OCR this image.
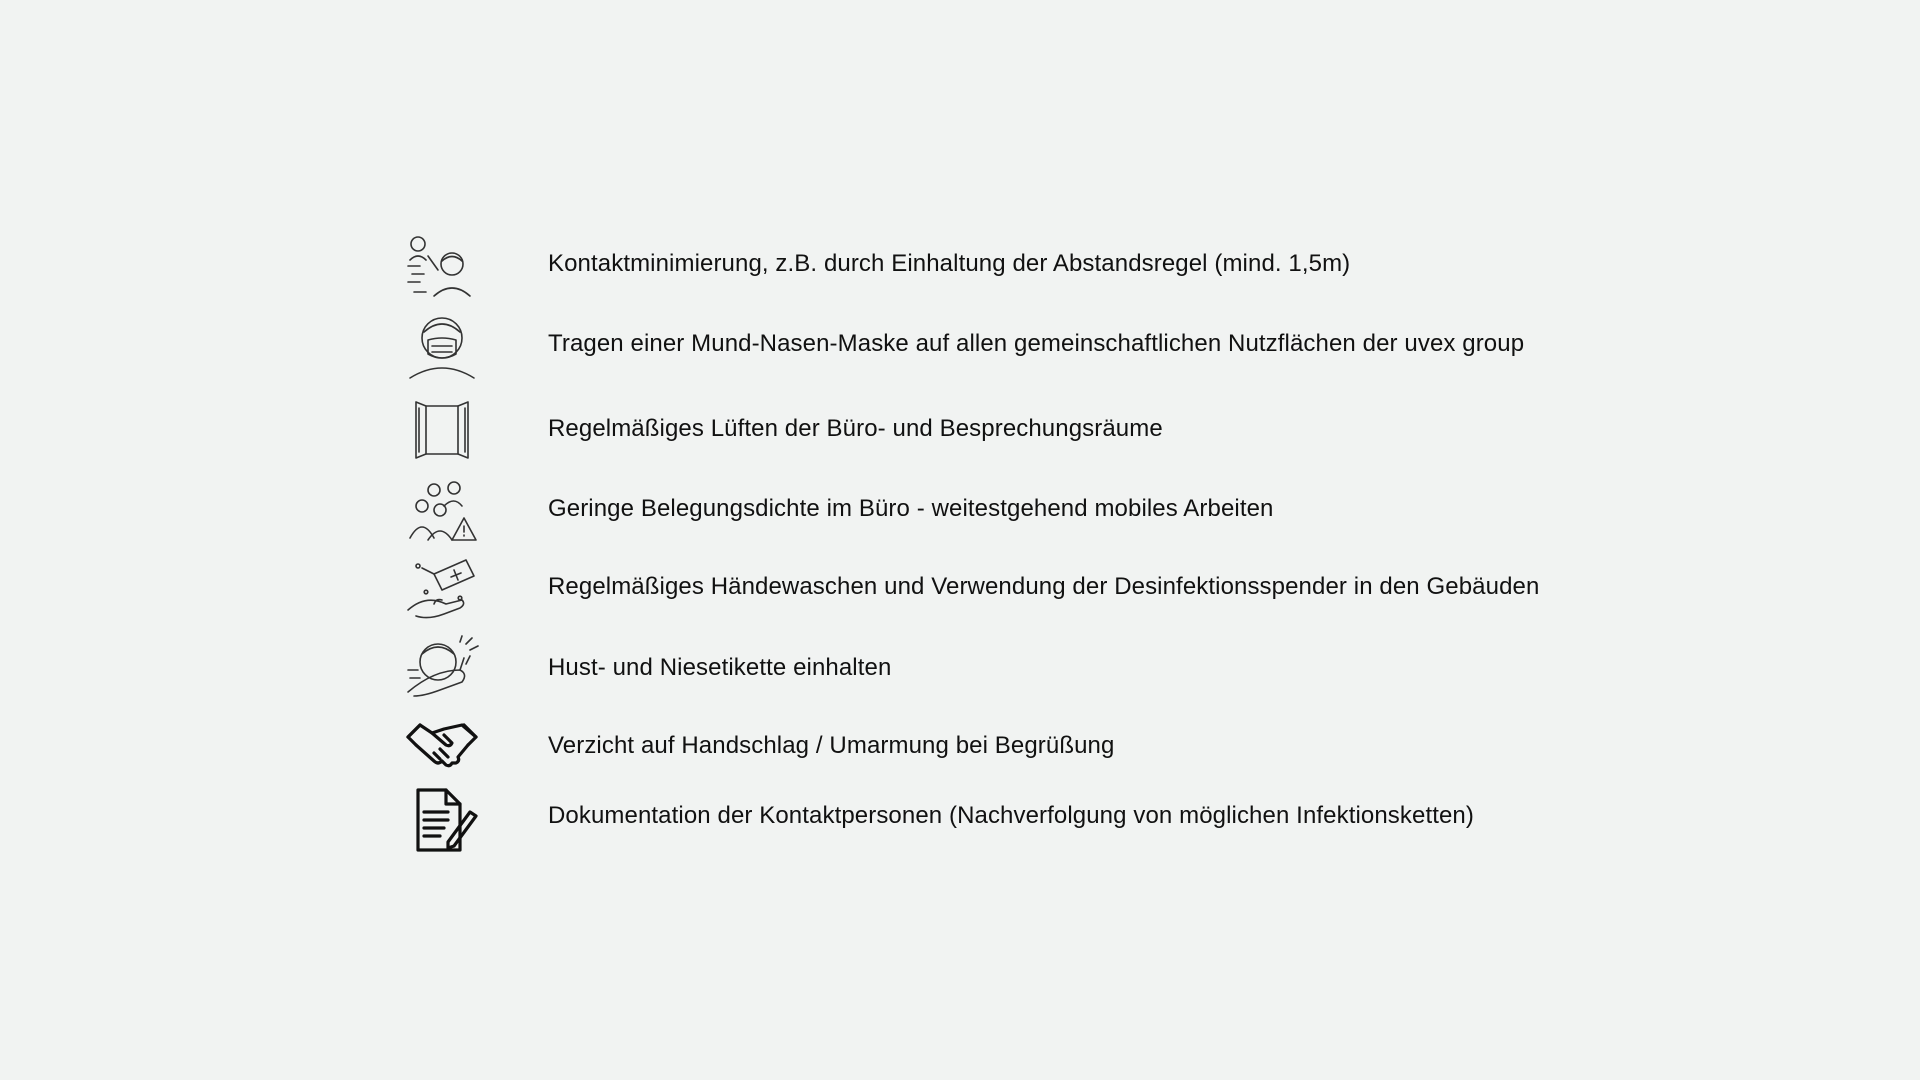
Kontaktminimierung, z.B. durch Einhaltung der Abstandsregel (mind. 1,5m)
Tragen einer Mund-Nasen-Maske auf allen gemeinschaftlichen Nutzflächen der uvex group
Regelmäßiges Lüften der Büro- und Besprechungsräume
Geringe Belegungsdichte im Büro - weitestgehend mobiles Arbeiten
Regelmäßiges Händewaschen und Verwendung der Desinfektionsspender in den Gebäuden
Hust- und Niesetikette einhalten
Verzicht auf Handschlag / Umarmung bei Begrüßung
Dokumentation der Kontaktpersonen (Nachverfolgung von möglichen Infektionsketten)
